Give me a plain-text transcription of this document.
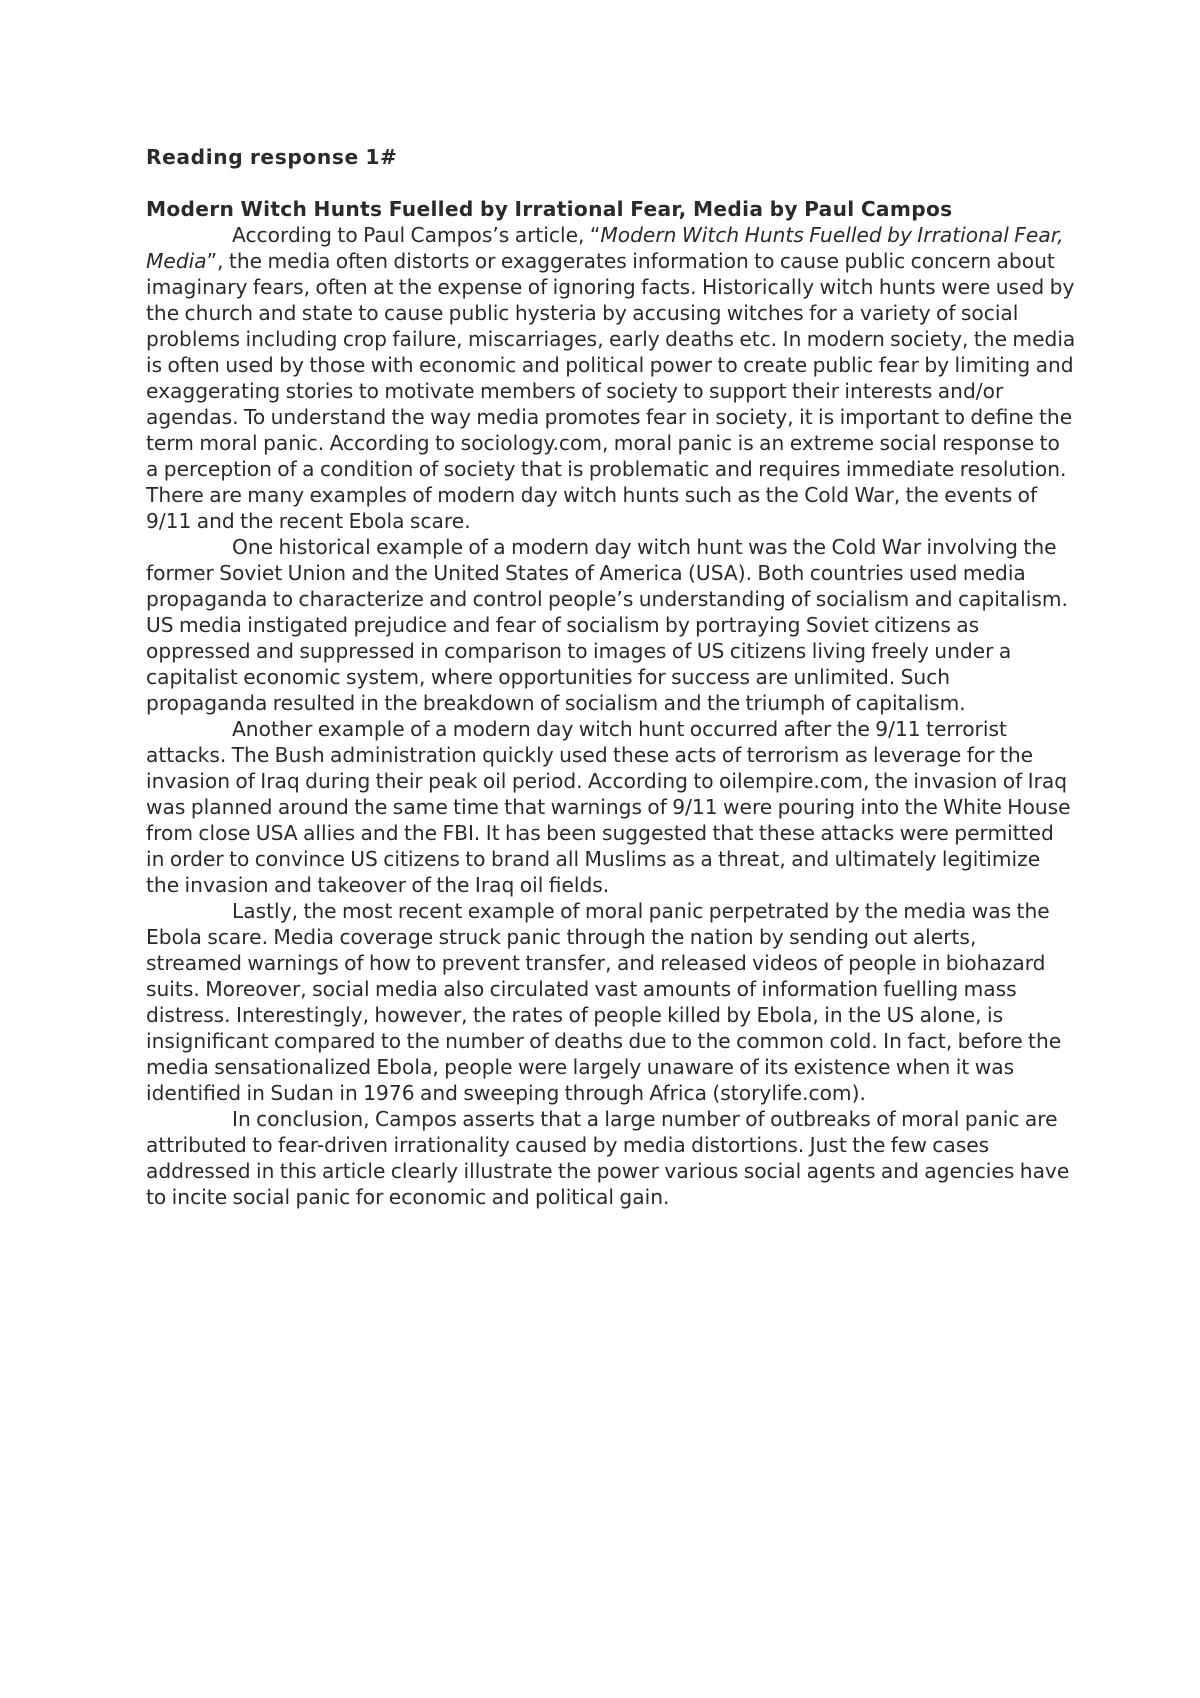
Reading response 1#

Modern Witch Hunts Fuelled by Irrational Fear, Media by Paul Campos

According to Paul Campos’s article, “Modern Witch Hunts Fuelled by Irrational Fear, Media”, the media often distorts or exaggerates information to cause public concern about imaginary fears, often at the expense of ignoring facts. Historically witch hunts were used by the church and state to cause public hysteria by accusing witches for a variety of social problems including crop failure, miscarriages, early deaths etc. In modern society, the media is often used by those with economic and political power to create public fear by limiting and exaggerating stories to motivate members of society to support their interests and/or agendas. To understand the way media promotes fear in society, it is important to define the term moral panic. According to sociology.com, moral panic is an extreme social response to a perception of a condition of society that is problematic and requires immediate resolution. There are many examples of modern day witch hunts such as the Cold War, the events of 9/11 and the recent Ebola scare.

One historical example of a modern day witch hunt was the Cold War involving the former Soviet Union and the United States of America (USA). Both countries used media propaganda to characterize and control people’s understanding of socialism and capitalism. US media instigated prejudice and fear of socialism by portraying Soviet citizens as oppressed and suppressed in comparison to images of US citizens living freely under a capitalist economic system, where opportunities for success are unlimited. Such propaganda resulted in the breakdown of socialism and the triumph of capitalism.

Another example of a modern day witch hunt occurred after the 9/11 terrorist attacks. The Bush administration quickly used these acts of terrorism as leverage for the invasion of Iraq during their peak oil period. According to oilempire.com, the invasion of Iraq was planned around the same time that warnings of 9/11 were pouring into the White House from close USA allies and the FBI. It has been suggested that these attacks were permitted in order to convince US citizens to brand all Muslims as a threat, and ultimately legitimize the invasion and takeover of the Iraq oil fields.

Lastly, the most recent example of moral panic perpetrated by the media was the Ebola scare. Media coverage struck panic through the nation by sending out alerts, streamed warnings of how to prevent transfer, and released videos of people in biohazard suits. Moreover, social media also circulated vast amounts of information fuelling mass distress. Interestingly, however, the rates of people killed by Ebola, in the US alone, is insignificant compared to the number of deaths due to the common cold. In fact, before the media sensationalized Ebola, people were largely unaware of its existence when it was identified in Sudan in 1976 and sweeping through Africa (storylife.com).

In conclusion, Campos asserts that a large number of outbreaks of moral panic are attributed to fear-driven irrationality caused by media distortions. Just the few cases addressed in this article clearly illustrate the power various social agents and agencies have to incite social panic for economic and political gain.
